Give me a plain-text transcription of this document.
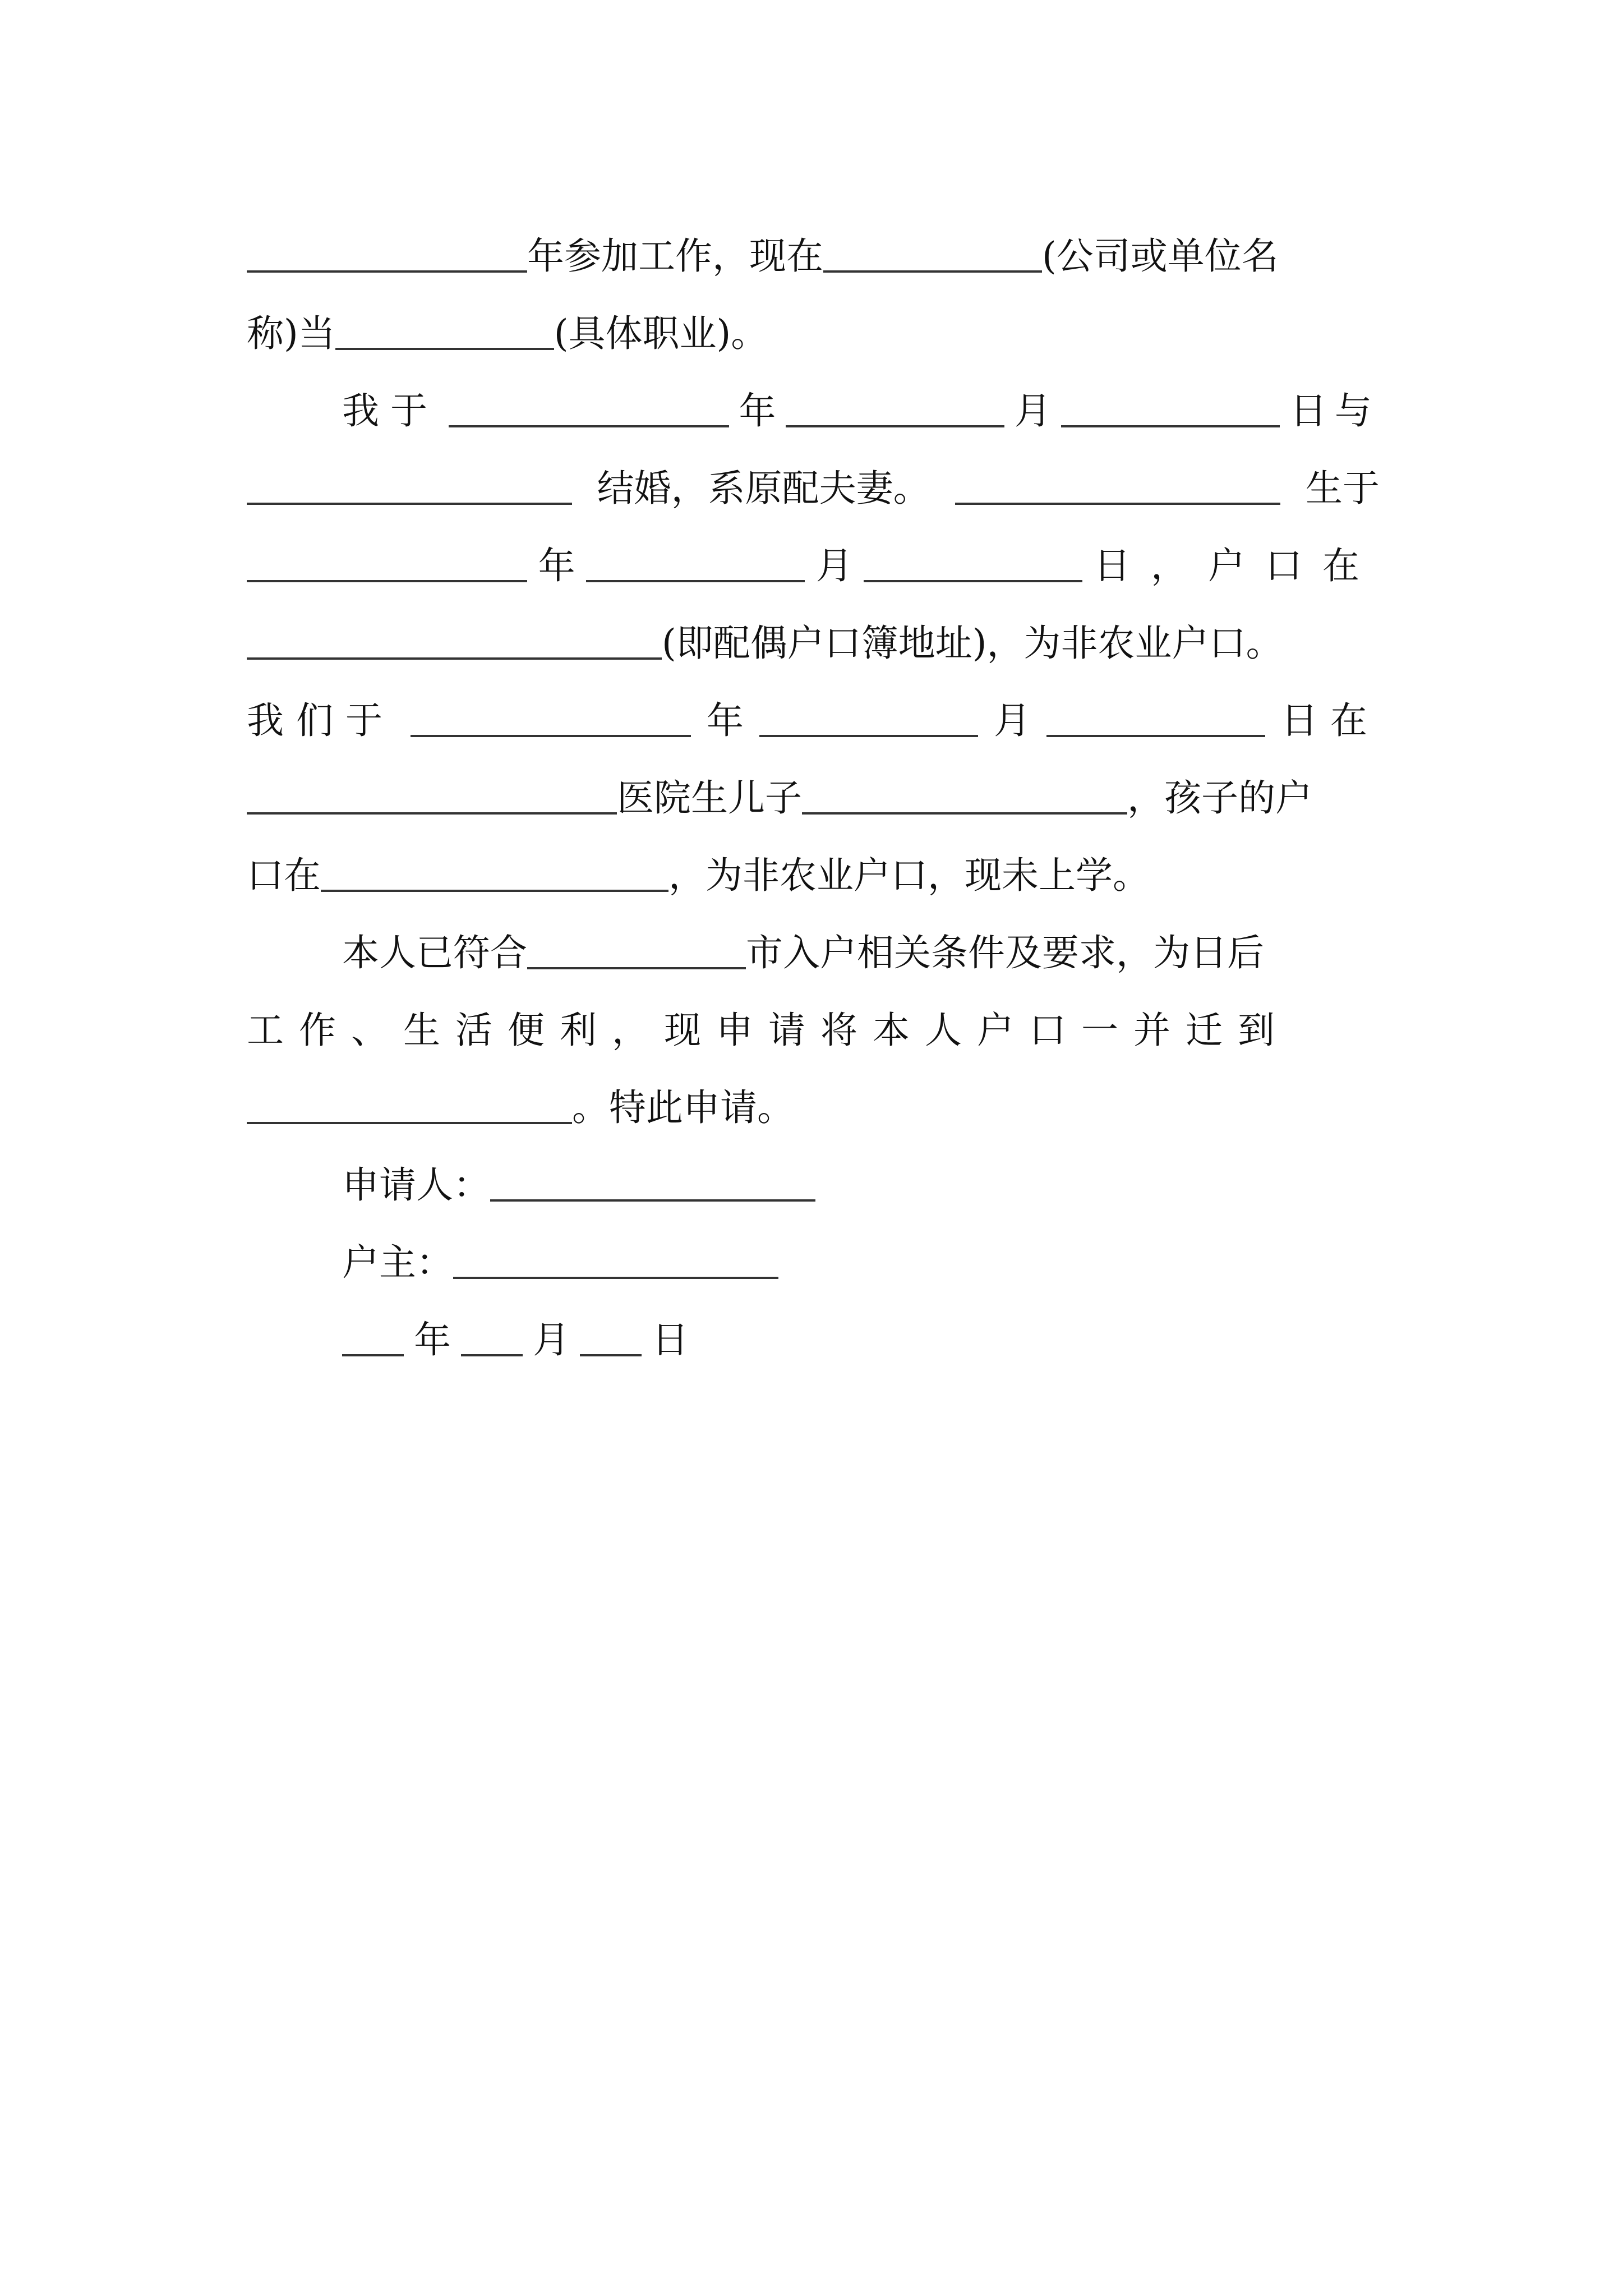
年参加工作，现在	(公司或单位名
称)当	(具体职业)。
我于	年	月	日与
结婚，系原配夫妻。	生于
年	月	日，户口在
(即配偶户口簿地址)，为非农业户口。
我们于	年	月	日在
医院生儿子	，孩子的户
口在	，为非农业户口，现未上学。
本人已符合	市入户相关条件及要求，为日后
工作、生活便利，现申请将本人户口一并迁到
。特此申请。
申请人：
户主：
年 月 日
